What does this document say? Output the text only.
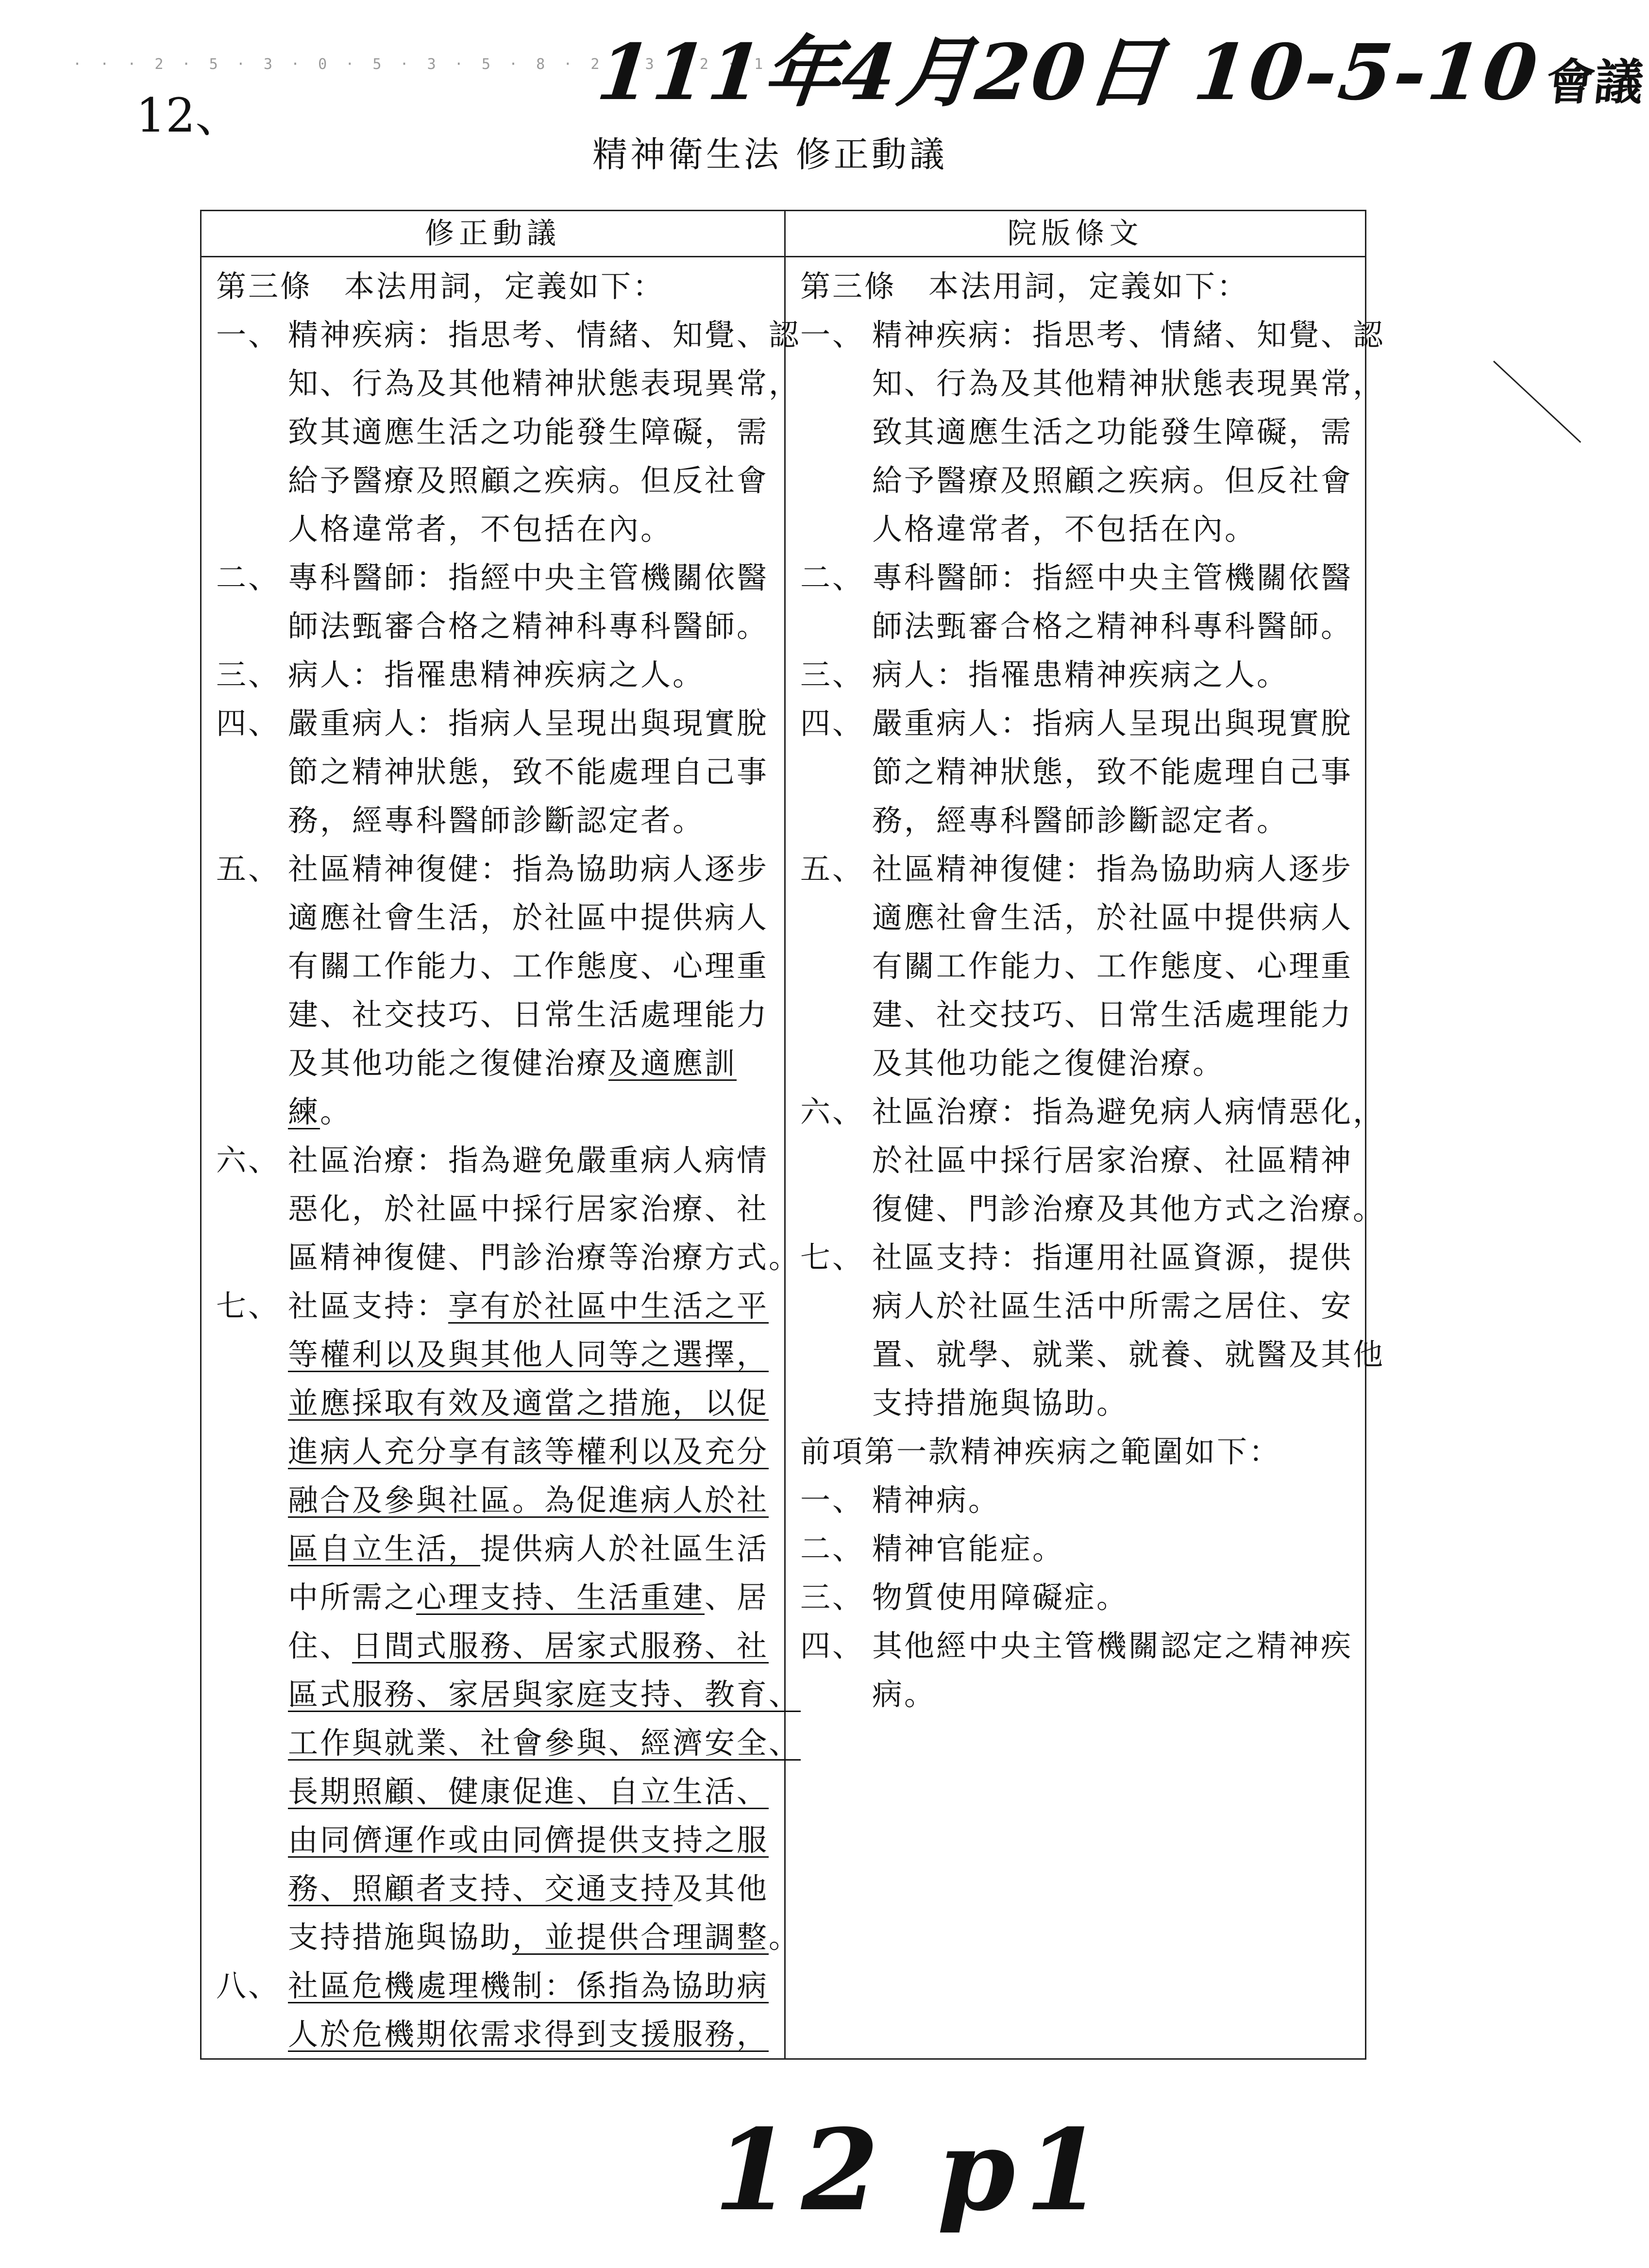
· · · 2 · 5 · 3 · 0 · 5 · 3 · 5 · 8 · 2 · 3 · 2 · 1
12、	111年4月20日 10-5-10會議
精神衛生法 修正動議
修正動議
第三條　本法用詞，定義如下：
一、 精神疾病：指思考、情緒、知覺、認
知、行為及其他精神狀態表現異常，
致其適應生活之功能發生障礙，需
給予醫療及照顧之疾病。但反社會
人格違常者，不包括在內。
二、 專科醫師：指經中央主管機關依醫
師法甄審合格之精神科專科醫師。
三、 病人：指罹患精神疾病之人。
四、 嚴重病人：指病人呈現出與現實脫
節之精神狀態，致不能處理自己事
務，經專科醫師診斷認定者。
五、 社區精神復健：指為協助病人逐步
適應社會生活，於社區中提供病人
有關工作能力、工作態度、心理重
建、社交技巧、日常生活處理能力
及其他功能之復健治療及適應訓
練。
六、 社區治療：指為避免嚴重病人病情
惡化，於社區中採行居家治療、社
區精神復健、門診治療等治療方式。
七、 社區支持：享有於社區中生活之平
等權利以及與其他人同等之選擇，
並應採取有效及適當之措施，以促
進病人充分享有該等權利以及充分
融合及參與社區。為促進病人於社
區自立生活，提供病人於社區生活
中所需之心理支持、生活重建、居
住、日間式服務、居家式服務、社
區式服務、家居與家庭支持、教育、
工作與就業、社會參與、經濟安全、
長期照顧、健康促進、自立生活、
由同儕運作或由同儕提供支持之服
務、照顧者支持、交通支持及其他
支持措施與協助，並提供合理調整。
八、 社區危機處理機制：係指為協助病
人於危機期依需求得到支援服務，
院版條文
第三條　本法用詞，定義如下：
一、 精神疾病：指思考、情緒、知覺、認
知、行為及其他精神狀態表現異常，
致其適應生活之功能發生障礙，需
給予醫療及照顧之疾病。但反社會
人格違常者，不包括在內。
二、 專科醫師：指經中央主管機關依醫
師法甄審合格之精神科專科醫師。
三、 病人：指罹患精神疾病之人。
四、 嚴重病人：指病人呈現出與現實脫
節之精神狀態，致不能處理自己事
務，經專科醫師診斷認定者。
五、 社區精神復健：指為協助病人逐步
適應社會生活，於社區中提供病人
有關工作能力、工作態度、心理重
建、社交技巧、日常生活處理能力
及其他功能之復健治療。
六、 社區治療：指為避免病人病情惡化，
於社區中採行居家治療、社區精神
復健、門診治療及其他方式之治療。
七、 社區支持：指運用社區資源，提供
病人於社區生活中所需之居住、安
置、就學、就業、就養、就醫及其他
支持措施與協助。
前項第一款精神疾病之範圍如下：
一、 精神病。
二、 精神官能症。
三、 物質使用障礙症。
四、 其他經中央主管機關認定之精神疾
病。
12 p1
